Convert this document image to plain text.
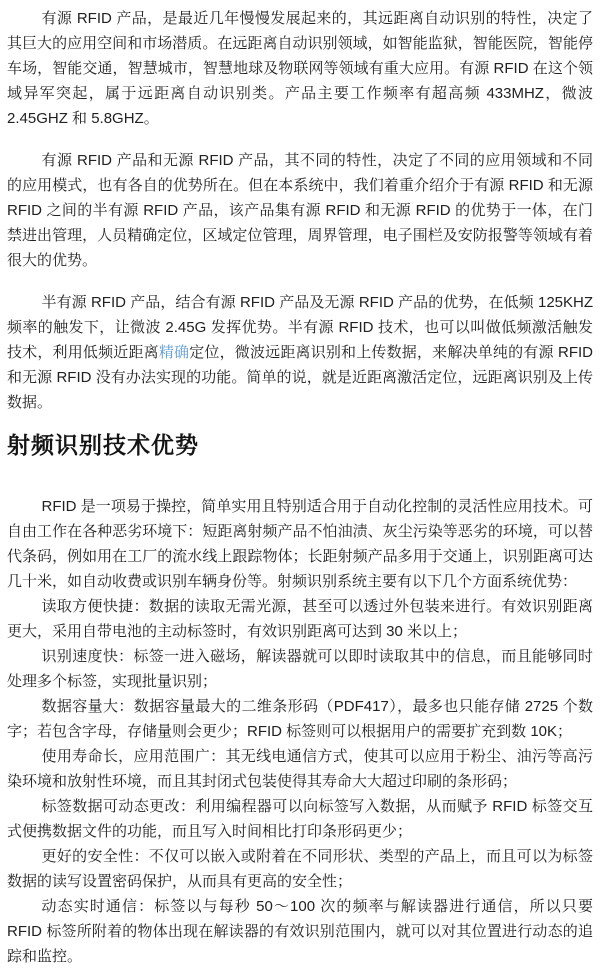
有源 RFID 产品，是最近几年慢慢发展起来的，其远距离自动识别的特性，决定了其巨大的应用空间和市场潜质。在远距离自动识别领域，如智能监狱，智能医院，智能停车场，智能交通，智慧城市，智慧地球及物联网等领域有重大应用。有源 RFID 在这个领域异军突起，属于远距离自动识别类。产品主要工作频率有超高频 433MHZ，微波 2.45GHZ 和 5.8GHZ。

有源 RFID 产品和无源 RFID 产品，其不同的特性，决定了不同的应用领域和不同的应用模式，也有各自的优势所在。但在本系统中，我们着重介绍介于有源 RFID 和无源 RFID 之间的半有源 RFID 产品，该产品集有源 RFID 和无源 RFID 的优势于一体，在门禁进出管理，人员精确定位，区域定位管理，周界管理，电子围栏及安防报警等领域有着很大的优势。

半有源 RFID 产品，结合有源 RFID 产品及无源 RFID 产品的优势，在低频 125KHZ 频率的触发下，让微波 2.45G 发挥优势。半有源 RFID 技术，也可以叫做低频激活触发技术，利用低频近距离精确定位，微波远距离识别和上传数据，来解决单纯的有源 RFID 和无源 RFID 没有办法实现的功能。简单的说，就是近距离激活定位，远距离识别及上传数据。

射频识别技术优势

RFID 是一项易于操控，简单实用且特别适合用于自动化控制的灵活性应用技术。可自由工作在各种恶劣环境下：短距离射频产品不怕油渍、灰尘污染等恶劣的环境，可以替代条码，例如用在工厂的流水线上跟踪物体；长距射频产品多用于交通上，识别距离可达几十米，如自动收费或识别车辆身份等。射频识别系统主要有以下几个方面系统优势：

读取方便快捷：数据的读取无需光源，甚至可以透过外包装来进行。有效识别距离更大，采用自带电池的主动标签时，有效识别距离可达到 30 米以上；

识别速度快：标签一进入磁场，解读器就可以即时读取其中的信息，而且能够同时处理多个标签，实现批量识别；

数据容量大：数据容量最大的二维条形码（PDF417），最多也只能存储 2725 个数字；若包含字母，存储量则会更少；RFID 标签则可以根据用户的需要扩充到数 10K；

使用寿命长，应用范围广：其无线电通信方式，使其可以应用于粉尘、油污等高污染环境和放射性环境，而且其封闭式包装使得其寿命大大超过印刷的条形码；

标签数据可动态更改：利用编程器可以向标签写入数据，从而赋予 RFID 标签交互式便携数据文件的功能，而且写入时间相比打印条形码更少；

更好的安全性：不仅可以嵌入或附着在不同形状、类型的产品上，而且可以为标签数据的读写设置密码保护，从而具有更高的安全性；

动态实时通信：标签以与每秒 50～100 次的频率与解读器进行通信，所以只要 RFID 标签所附着的物体出现在解读器的有效识别范围内，就可以对其位置进行动态的追踪和监控。
